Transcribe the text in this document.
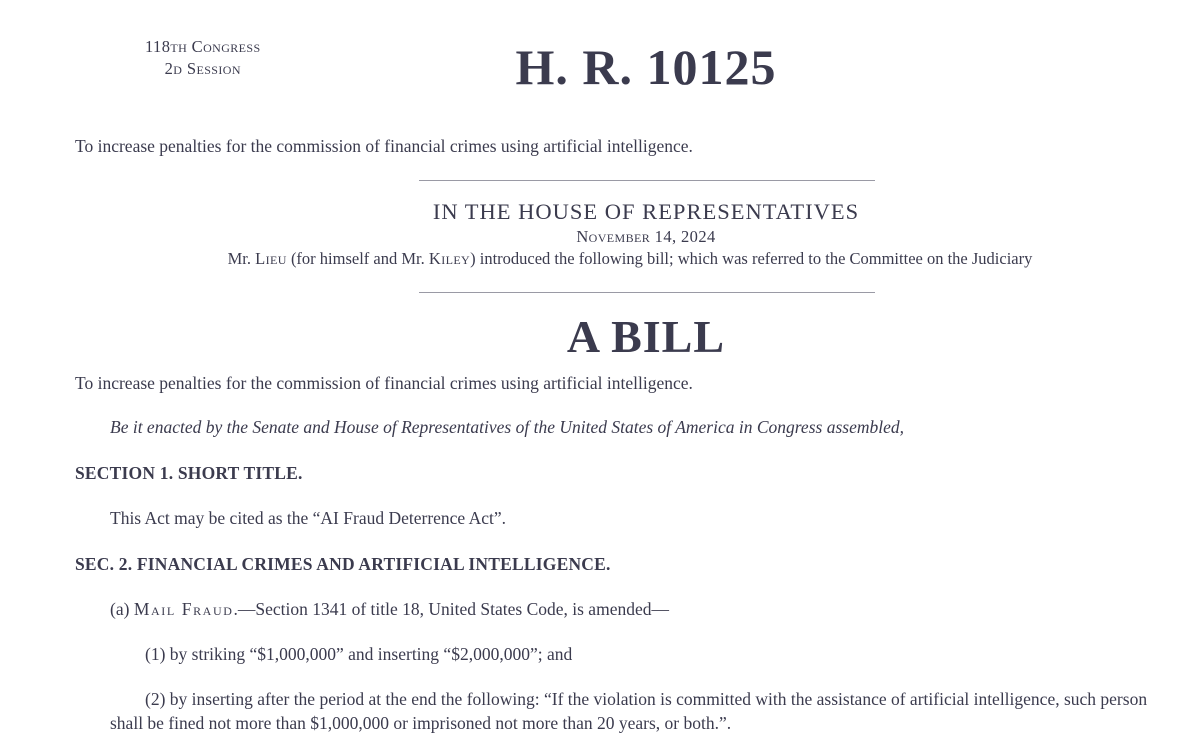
118th Congress
2d Session	H. R. 10125

To increase penalties for the commission of financial crimes using artificial intelligence.

IN THE HOUSE OF REPRESENTATIVES
November 14, 2024

Mr. Lieu (for himself and Mr. Kiley) introduced the following bill; which was referred to the Committee on the Judiciary

A BILL

To increase penalties for the commission of financial crimes using artificial intelligence.

Be it enacted by the Senate and House of Representatives of the United States of America in Congress assembled,

SECTION 1. SHORT TITLE.

This Act may be cited as the “AI Fraud Deterrence Act”.

SEC. 2. FINANCIAL CRIMES AND ARTIFICIAL INTELLIGENCE.

(a) Mail Fraud.—Section 1341 of title 18, United States Code, is amended—

(1) by striking “$1,000,000” and inserting “$2,000,000”; and

(2) by inserting after the period at the end the following: “If the violation is committed with the assistance of artificial intelligence, such person shall be fined not more than $1,000,000 or imprisoned not more than 20 years, or both.”.
